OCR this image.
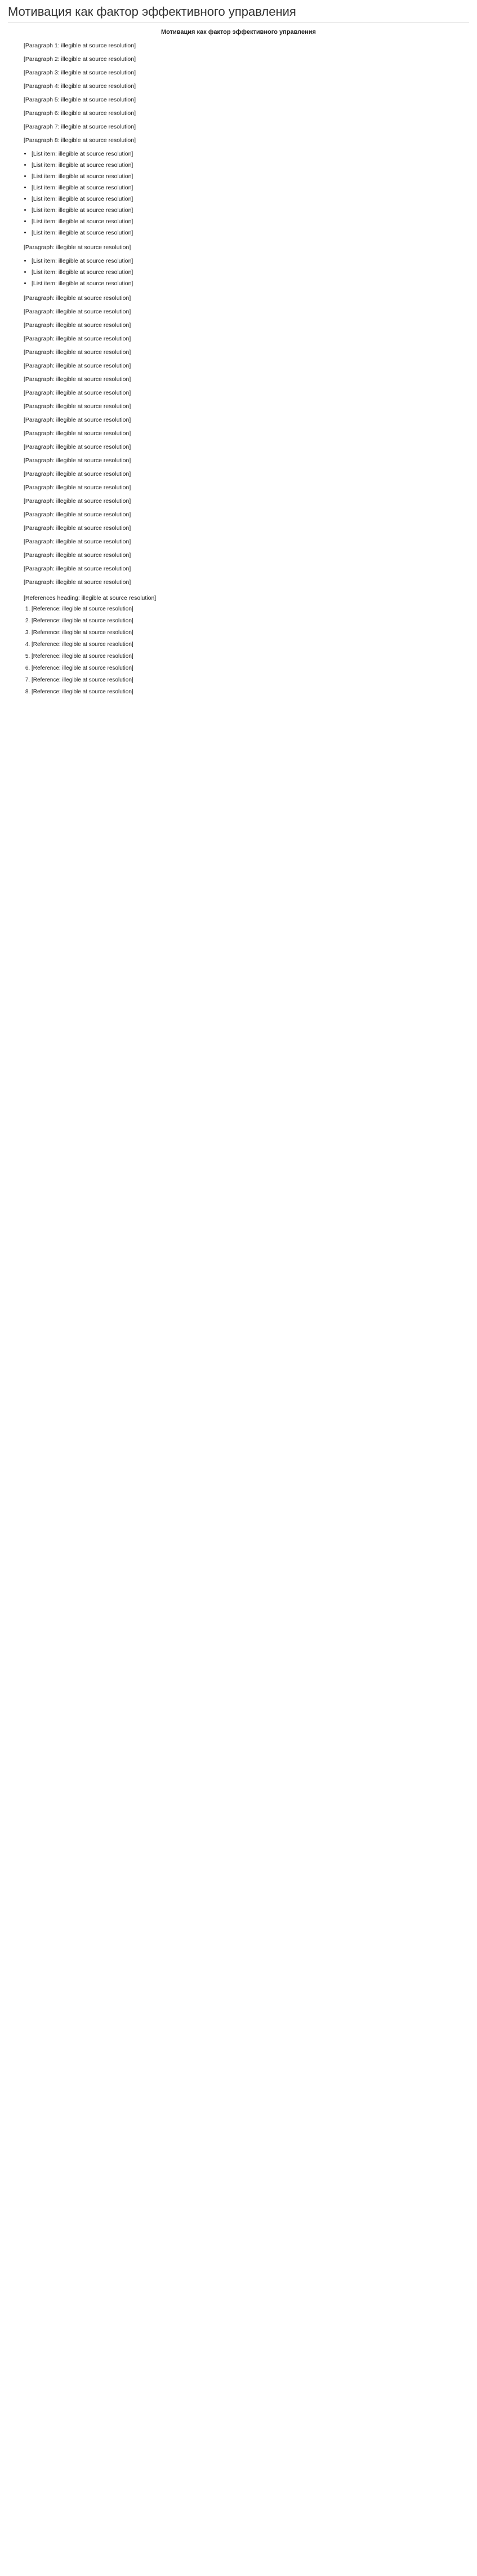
Мотивация как фактор эффективного управления
Мотивация как фактор эффективного управления

[Paragraph 1: illegible at source resolution]

[Paragraph 2: illegible at source resolution]

[Paragraph 3: illegible at source resolution]

[Paragraph 4: illegible at source resolution]

[Paragraph 5: illegible at source resolution]

[Paragraph 6: illegible at source resolution]

[Paragraph 7: illegible at source resolution]

[Paragraph 8: illegible at source resolution]

• [List item: illegible at source resolution]
• [List item: illegible at source resolution]
• [List item: illegible at source resolution]
• [List item: illegible at source resolution]
• [List item: illegible at source resolution]
• [List item: illegible at source resolution]
• [List item: illegible at source resolution]
• [List item: illegible at source resolution]

[Paragraph: illegible at source resolution]

• [List item: illegible at source resolution]
• [List item: illegible at source resolution]
• [List item: illegible at source resolution]

[Paragraph: illegible at source resolution]

[Paragraph: illegible at source resolution]

[Paragraph: illegible at source resolution]

[Paragraph: illegible at source resolution]

[Paragraph: illegible at source resolution]

[Paragraph: illegible at source resolution]

[Paragraph: illegible at source resolution]

[Paragraph: illegible at source resolution]

[Paragraph: illegible at source resolution]

[Paragraph: illegible at source resolution]

[Paragraph: illegible at source resolution]

[Paragraph: illegible at source resolution]

[Paragraph: illegible at source resolution]

[Paragraph: illegible at source resolution]

[Paragraph: illegible at source resolution]

[Paragraph: illegible at source resolution]

[Paragraph: illegible at source resolution]

[Paragraph: illegible at source resolution]

[Paragraph: illegible at source resolution]

[Paragraph: illegible at source resolution]

[Paragraph: illegible at source resolution]

[Paragraph: illegible at source resolution]

[References heading: illegible at source resolution]
1. [Reference: illegible at source resolution]
2. [Reference: illegible at source resolution]
3. [Reference: illegible at source resolution]
4. [Reference: illegible at source resolution]
5. [Reference: illegible at source resolution]
6. [Reference: illegible at source resolution]
7. [Reference: illegible at source resolution]
8. [Reference: illegible at source resolution]
